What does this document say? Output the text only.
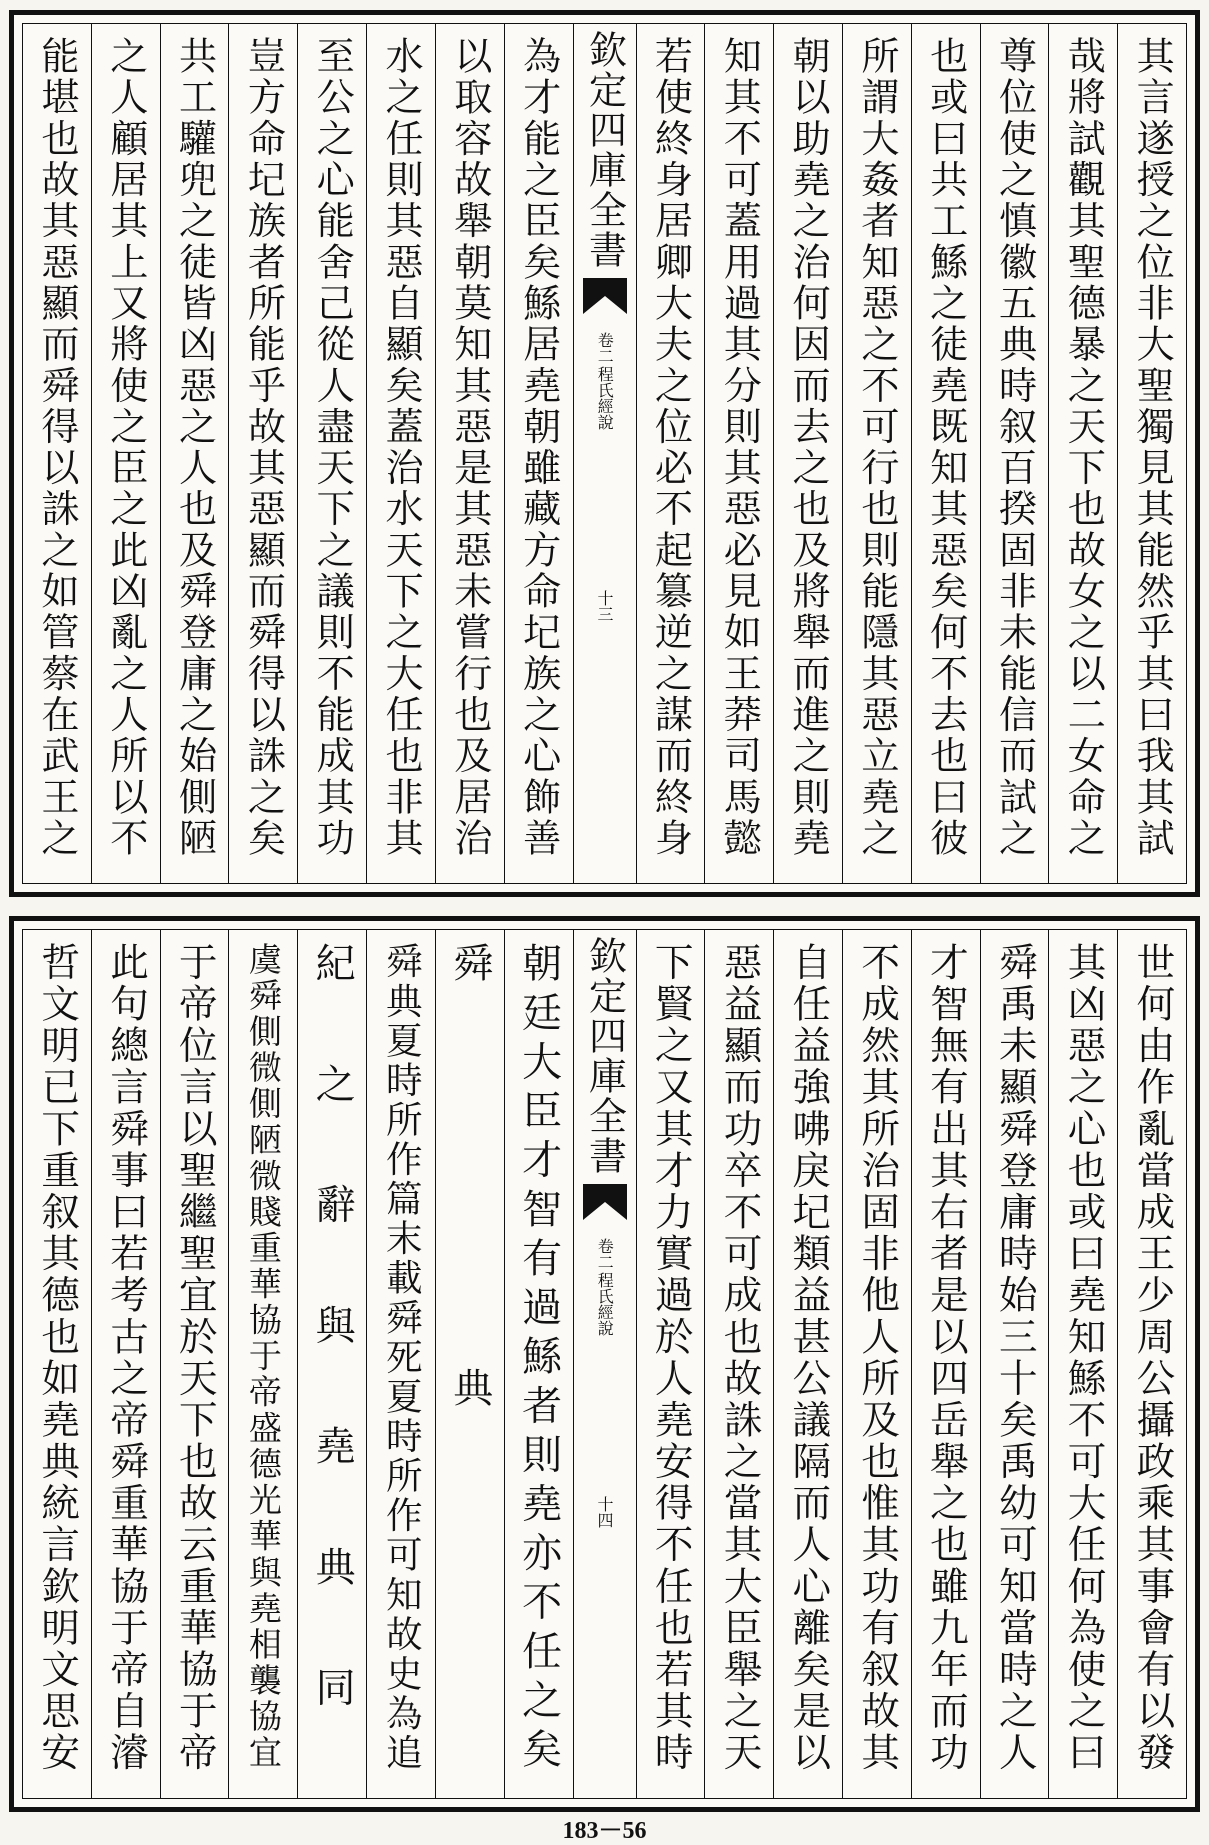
其言遂授之位非大聖獨見其能然乎其曰我其試
哉將試觀其聖德暴之天下也故女之以二女命之
尊位使之慎徽五典時叙百揆固非未能信而試之
也或曰共工鯀之徒堯既知其惡矣何不去也曰彼
所謂大姦者知惡之不可行也則能隱其惡立堯之
朝以助堯之治何因而去之也及將舉而進之則堯
知其不可蓋用過其分則其惡必見如王莽司馬懿
若使終身居卿大夫之位必不起簒逆之謀而終身
欽定四庫全書
程氏經說
卷二
十三
為才能之臣矣鯀居堯朝雖藏方命圮族之心飾善
以取容故舉朝莫知其惡是其惡未嘗行也及居治
水之任則其惡自顯矣蓋治水天下之大任也非其
至公之心能舍己從人盡天下之議則不能成其功
豈方命圮族者所能乎故其惡顯而舜得以誅之矣
共工驩兜之徒皆凶惡之人也及舜登庸之始側陋
之人顧居其上又將使之臣之此凶亂之人所以不
能堪也故其惡顯而舜得以誅之如管蔡在武王之
世何由作亂當成王少周公攝政乘其事會有以發
其凶惡之心也或曰堯知鯀不可大任何為使之曰
舜禹未顯舜登庸時始三十矣禹幼可知當時之人
才智無有出其右者是以四岳舉之也雖九年而功
不成然其所治固非他人所及也惟其功有叙故其
自任益強咈戾圮類益甚公議隔而人心離矣是以
惡益顯而功卒不可成也故誅之當其大臣舉之天
下賢之又其才力實過於人堯安得不任也若其時
欽定四庫全書
程氏經說
卷二
十四
朝廷大臣才智有過鯀者則堯亦不任之矣
舜典
舜典夏時所作篇末載舜死夏時所作可知故史為追
紀之辭與堯典同
虞舜側微側陋微賤重華協于帝盛德光華與堯相襲協宜
于帝位言以聖繼聖宜於天下也故云重華協于帝
此句總言舜事曰若考古之帝舜重華協于帝自濬
哲文明已下重叙其德也如堯典統言欽明文思安
183－56
